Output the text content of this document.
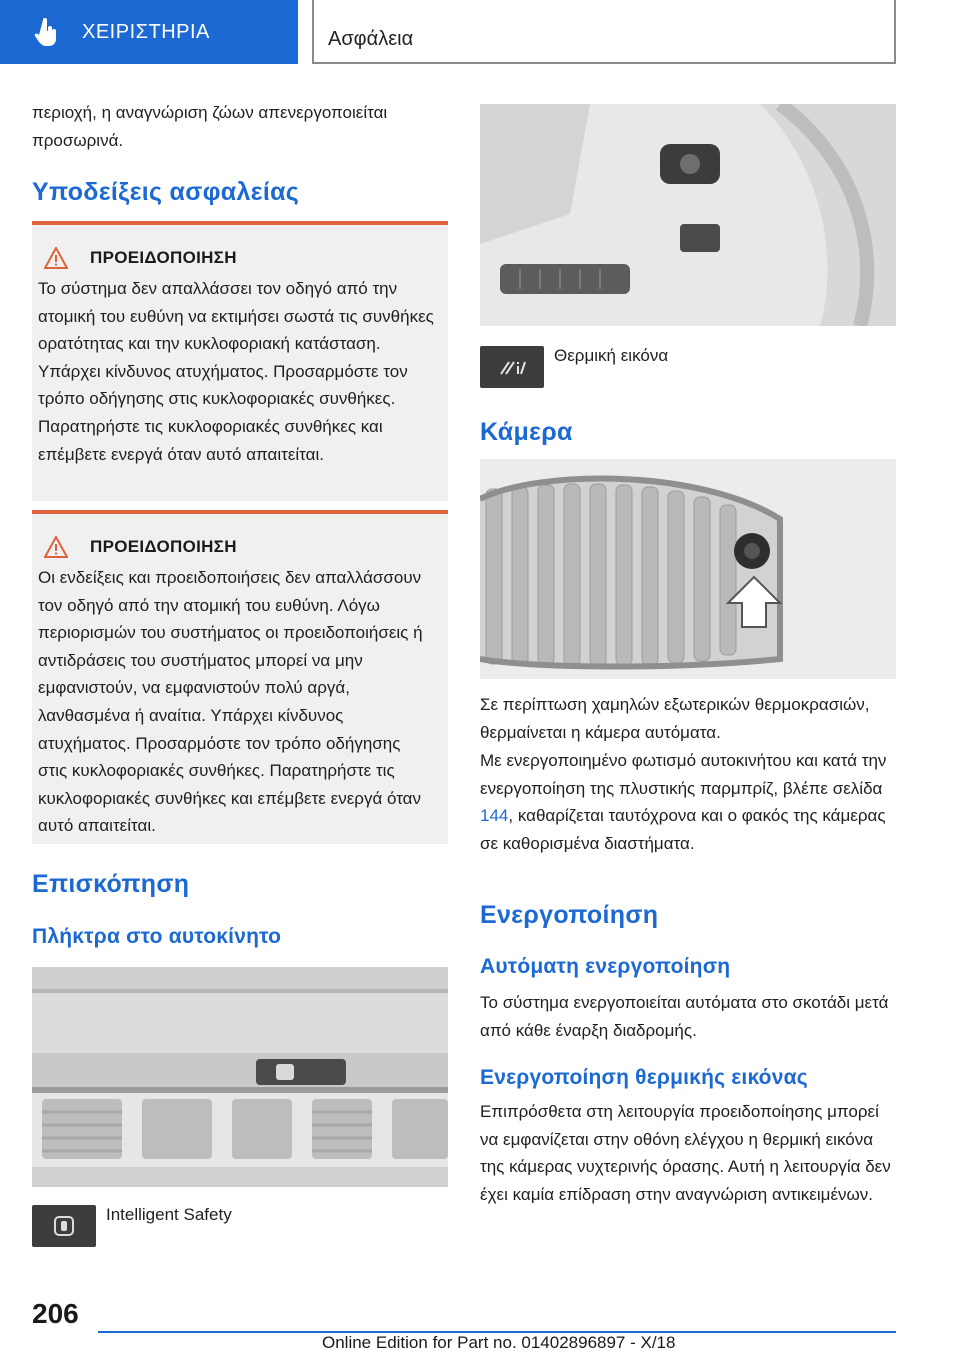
ΧΕΙΡΙΣΤΗΡΙΑ	Ασφάλεια

περιοχή, η αναγνώριση ζώων απενεργοποιείται προσωρινά.

Υποδείξεις ασφαλείας
ΠΡΟΕΙΔΟΠΟΙΗΣΗ

Το σύστημα δεν απαλλάσσει τον οδηγό από την ατομική του ευθύνη να εκτιμήσει σωστά τις συνθήκες ορατότητας και την κυκλοφοριακή κατάσταση. Υπάρχει κίνδυνος ατυχήματος. Προσαρμόστε τον τρόπο οδήγησης στις κυκλοφοριακές συνθήκες. Παρατηρήστε τις κυκλοφοριακές συνθήκες και επέμβετε ενεργά όταν αυτό απαιτείται.

ΠΡΟΕΙΔΟΠΟΙΗΣΗ

Οι ενδείξεις και προειδοποιήσεις δεν απαλλάσσουν τον οδηγό από την ατομική του ευθύνη. Λόγω περιορισμών του συστήματος οι προειδοποιήσεις ή αντιδράσεις του συστήματος μπορεί να μην εμφανιστούν, να εμφανιστούν πολύ αργά, λανθασμένα ή αναίτια. Υπάρχει κίνδυνος ατυχήματος. Προσαρμόστε τον τρόπο οδήγησης στις κυκλοφοριακές συνθήκες. Παρατηρήστε τις κυκλοφοριακές συνθήκες και επέμβετε ενεργά όταν αυτό απαιτείται.

Επισκόπηση
Πλήκτρα στο αυτοκίνητο
Intelligent Safety
Θερμική εικόνα
Κάμερα

Σε περίπτωση χαμηλών εξωτερικών θερμοκρασιών, θερμαίνεται η κάμερα αυτόματα.

Με ενεργοποιημένο φωτισμό αυτοκινήτου και κατά την ενεργοποίηση της πλυστικής παρμπρίζ, βλέπε σελίδα 144, καθαρίζεται ταυτόχρονα και ο φακός της κάμερας σε καθορισμένα διαστήματα.

Ενεργοποίηση
Αυτόματη ενεργοποίηση

Το σύστημα ενεργοποιείται αυτόματα στο σκοτάδι μετά από κάθε έναρξη διαδρομής.

Ενεργοποίηση θερμικής εικόνας

Επιπρόσθετα στη λειτουργία προειδοποίησης μπορεί να εμφανίζεται στην οθόνη ελέγχου η θερμική εικόνα της κάμερας νυχτερινής όρασης. Αυτή η λειτουργία δεν έχει καμία επίδραση στην αναγνώριση αντικειμένων.

206
Online Edition for Part no. 01402896897 - X/18
